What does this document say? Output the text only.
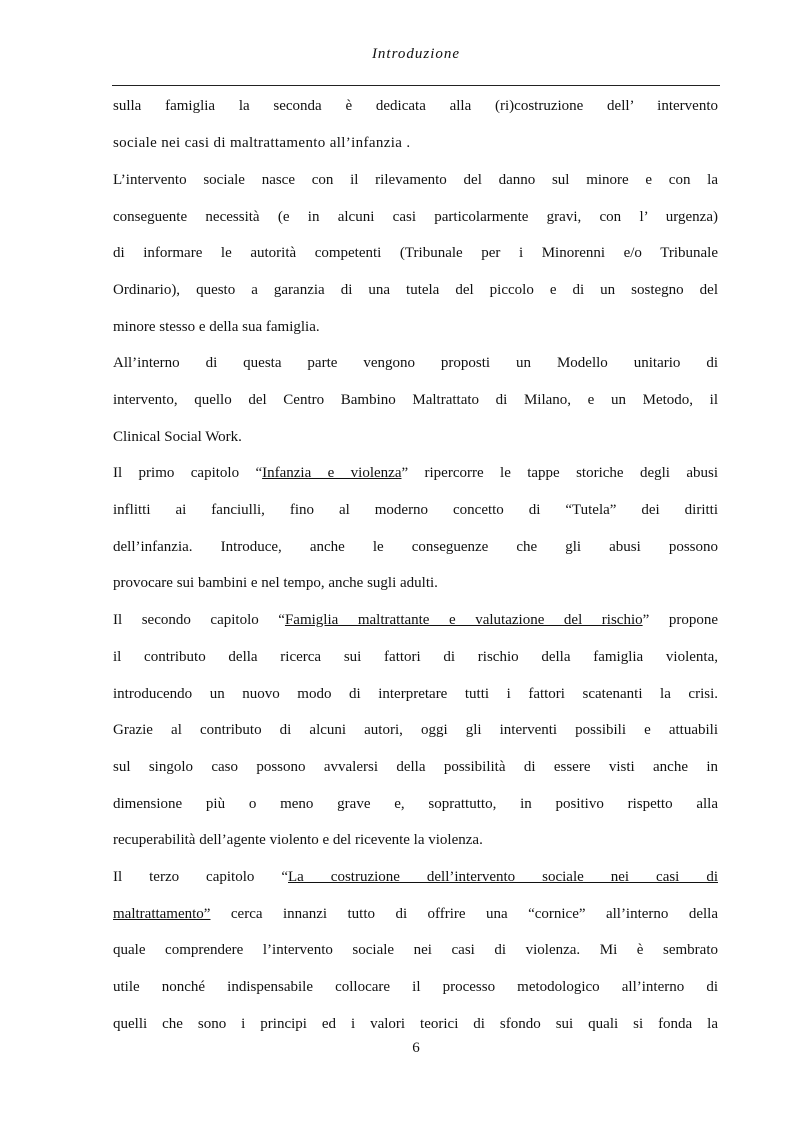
Introduzione
sulla famiglia la seconda è dedicata alla (ri)costruzione dell’ intervento
sociale nei casi di maltrattamento all’infanzia .
L’intervento sociale nasce con il rilevamento del danno sul minore e con la
conseguente necessità (e in alcuni casi particolarmente gravi, con l’ urgenza)
di informare le autorità competenti (Tribunale per i Minorenni e/o Tribunale
Ordinario), questo a garanzia di una tutela del piccolo e di un sostegno del
minore stesso e della sua famiglia.
All’interno di questa parte vengono proposti un Modello unitario di
intervento, quello del Centro Bambino Maltrattato di Milano, e un Metodo, il
Clinical Social Work.
Il primo capitolo “Infanzia e violenza” ripercorre le tappe storiche degli abusi
inflitti ai fanciulli, fino al moderno concetto di “Tutela” dei diritti
dell’infanzia. Introduce, anche le conseguenze che gli abusi possono
provocare sui bambini e nel tempo, anche sugli adulti.
Il secondo capitolo “Famiglia maltrattante e valutazione del rischio” propone
il contributo della ricerca sui fattori di rischio della famiglia violenta,
introducendo un nuovo modo di interpretare tutti i fattori scatenanti la crisi.
Grazie al contributo di alcuni autori, oggi gli interventi possibili e attuabili
sul singolo caso possono avvalersi della possibilità di essere visti anche in
dimensione più o meno grave e, soprattutto, in positivo rispetto alla
recuperabilità dell’agente violento e del ricevente la violenza.
Il terzo capitolo “La costruzione dell’intervento sociale nei casi di
maltrattamento” cerca innanzi tutto di offrire una “cornice” all’interno della
quale comprendere l’intervento sociale nei casi di violenza. Mi è sembrato
utile nonché indispensabile collocare il processo metodologico all’interno di
quelli che sono i principi ed i valori teorici di sfondo sui quali si fonda la
6
